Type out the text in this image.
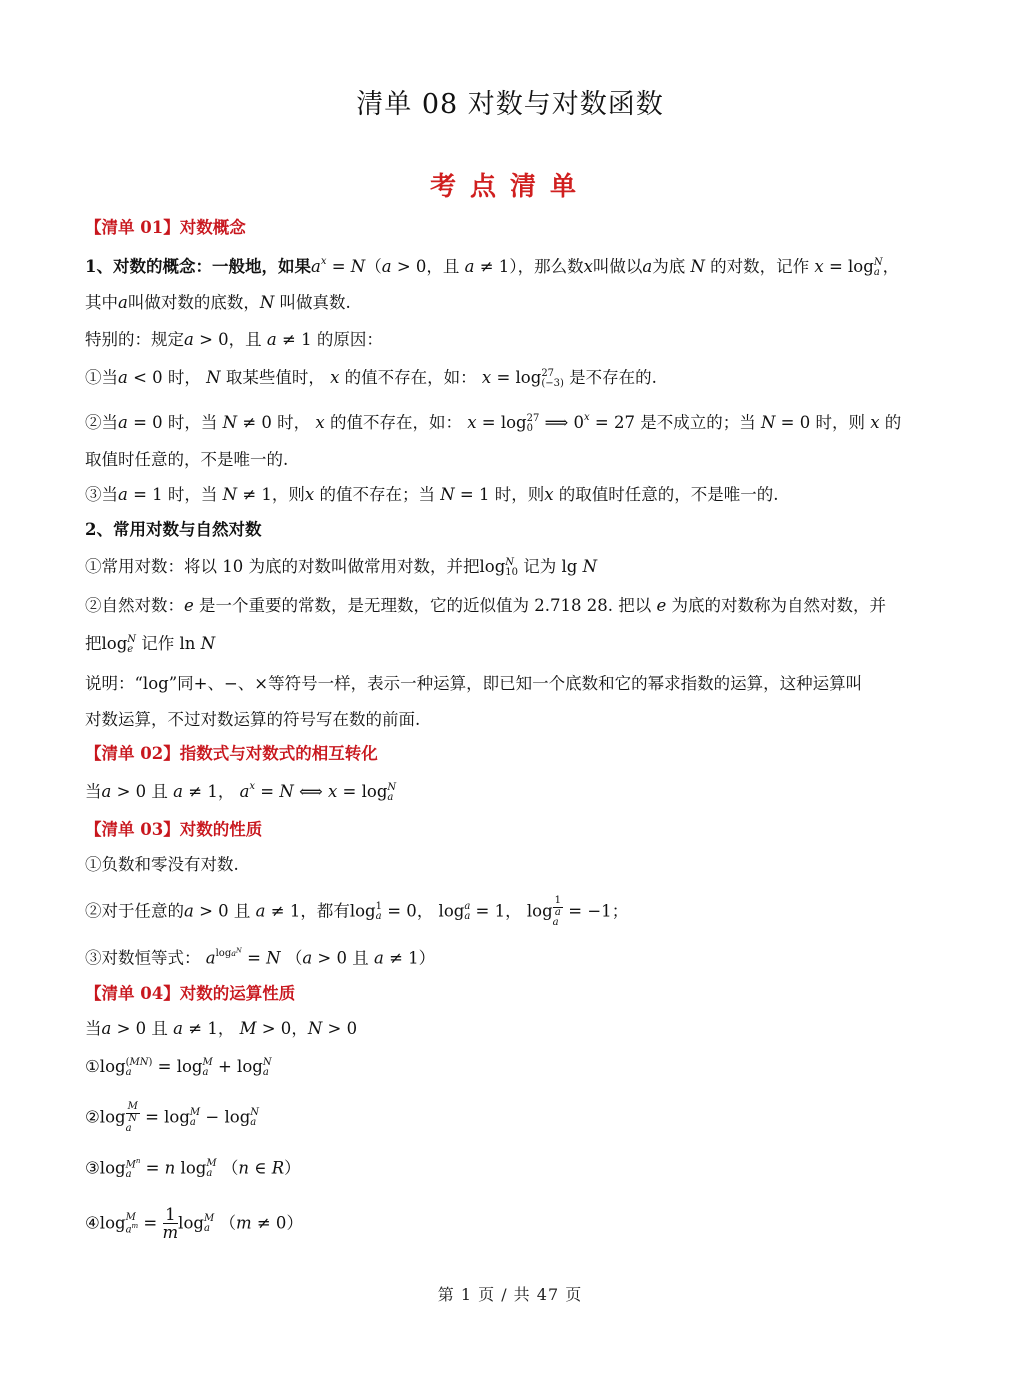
清单 08 对数与对数函数
考点清单
【清单 01】对数概念
1、对数的概念：一般地，如果$a^x = N(a > 0$，且 a ≠ 1），那么数x叫做以a为底 N 的对数，记作 x = log N
a ，
其中a叫做对数的底数，N 叫做真数.
特别的：规定a > 0，且 a ≠ 1 的原因：
①当a < 0 时， N 取某些值时， x 的值不存在，如： x = log 27
(−3) 是不存在的.
②当a = 0 时，当 N ≠ 0 时， x 的值不存在，如： x = log 27
0 ⟹ $0^x = 27$ 是不成立的；当 N = 0 时，则 x 的
取值时任意的，不是唯一的.
③当a = 1 时，当 N ≠ 1，则x 的值不存在；当 N = 1 时，则x 的取值时任意的，不是唯一的.
2、常用对数与自然对数
①常用对数：将以 10 为底的对数叫做常用对数，并把log N
10 记为 lg N
②自然对数：e 是一个重要的常数，是无理数，它的近似值为 2.718 28. 把以 e 为底的对数称为自然对数，并
把log N
e 记作 ln N
说明：“log”同+、−、×等符号一样，表示一种运算，即已知一个底数和它的幂求指数的运算，这种运算叫
对数运算，不过对数运算的符号写在数的前面.
【清单 02】指数式与对数式的相互转化
当a > 0 且 a ≠ 1， $a^x = N$ ⟺ x = log N
a
【清单 03】对数的性质
①负数和零没有对数.
②对于任意的a > 0 且 a ≠ 1，都有log 1
a = 0， log a
a = 1， log
1
a
a
= −1；
③对数恒等式： $a^{loga^N} = N$ （a > 0 且 a ≠ 1）
【清单 04】对数的运算性质
当a > 0 且 a ≠ 1， M > 0，N > 0
①log (MN)
a	= log M
a + log N
a
②log
M
N
a
= log M
a − log N
a
③log $M^n$
a = n log M
a （n ∈ R）
④log M
$a^m = \frac{1}{m}$ log M
a （m ≠ 0）
第 1 页 / 共 47 页
